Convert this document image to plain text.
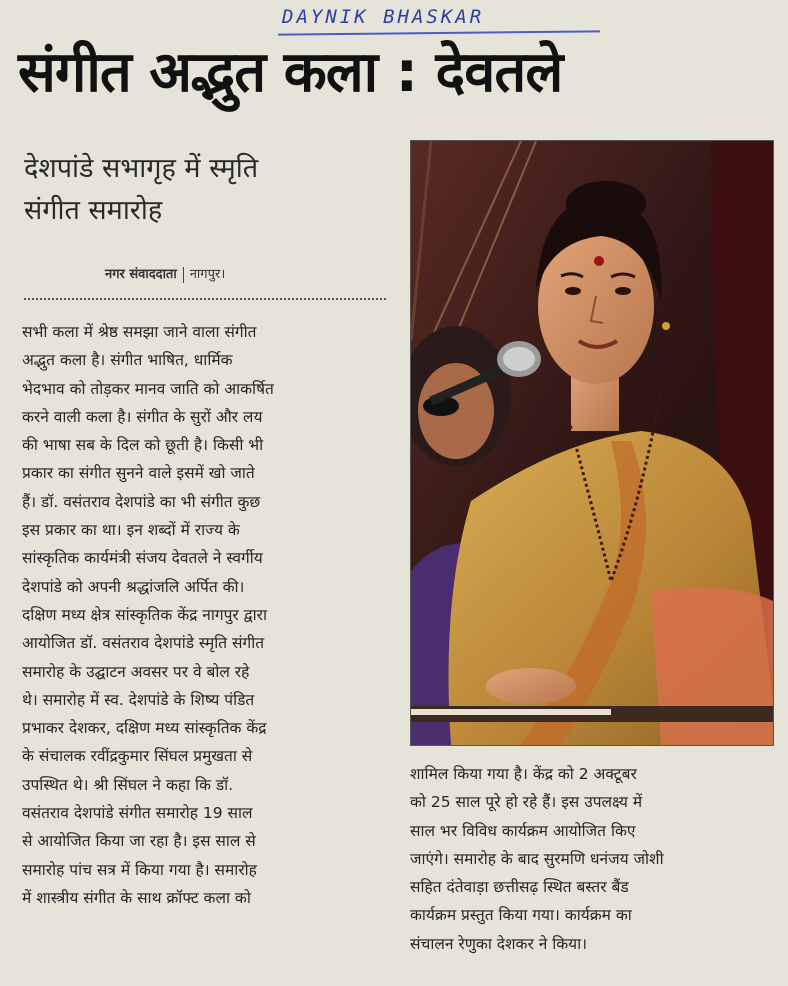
DAYNIK BHASKAR
संगीत अद्भुत कला : देवतले
देशपांडे सभागृह में स्मृति
संगीत समारोह
नगर संवाददाता नागपुर।
सभी कला में श्रेष्ठ समझा जाने वाला संगीत
अद्भुत कला है। संगीत भाषित, धार्मिक
भेदभाव को तोड़कर मानव जाति को आकर्षित
करने वाली कला है। संगीत के सुरों और लय
की भाषा सब के दिल को छूती है। किसी भी
प्रकार का संगीत सुनने वाले इसमें खो जाते
हैं। डॉ. वसंतराव देशपांडे का भी संगीत कुछ
इस प्रकार का था। इन शब्दों में राज्य के
सांस्कृतिक कार्यमंत्री संजय देवतले ने स्वर्गीय
देशपांडे को अपनी श्रद्धांजलि अर्पित की।
दक्षिण मध्य क्षेत्र सांस्कृतिक केंद्र नागपुर द्वारा
आयोजित डॉ. वसंतराव देशपांडे स्मृति संगीत
समारोह के उद्घाटन अवसर पर वे बोल रहे
थे। समारोह में स्व. देशपांडे के शिष्य पंडित
प्रभाकर देशकर, दक्षिण मध्य सांस्कृतिक केंद्र
के संचालक रवींद्रकुमार सिंघल प्रमुखता से
उपस्थित थे। श्री सिंघल ने कहा कि डॉ.
वसंतराव देशपांडे संगीत समारोह 19 साल
से आयोजित किया जा रहा है। इस साल से
समारोह पांच सत्र में किया गया है। समारोह
में शास्त्रीय संगीत के साथ क्रॉफ्ट कला को
शामिल किया गया है। केंद्र को 2 अक्टूबर
को 25 साल पूरे हो रहे हैं। इस उपलक्ष्य में
साल भर विविध कार्यक्रम आयोजित किए
जाएंगे। समारोह के बाद सुरमणि धनंजय जोशी
सहित दंतेवाड़ा छत्तीसढ़ स्थित बस्तर बैंड
कार्यक्रम प्रस्तुत किया गया। कार्यक्रम का
संचालन रेणुका देशकर ने किया।
